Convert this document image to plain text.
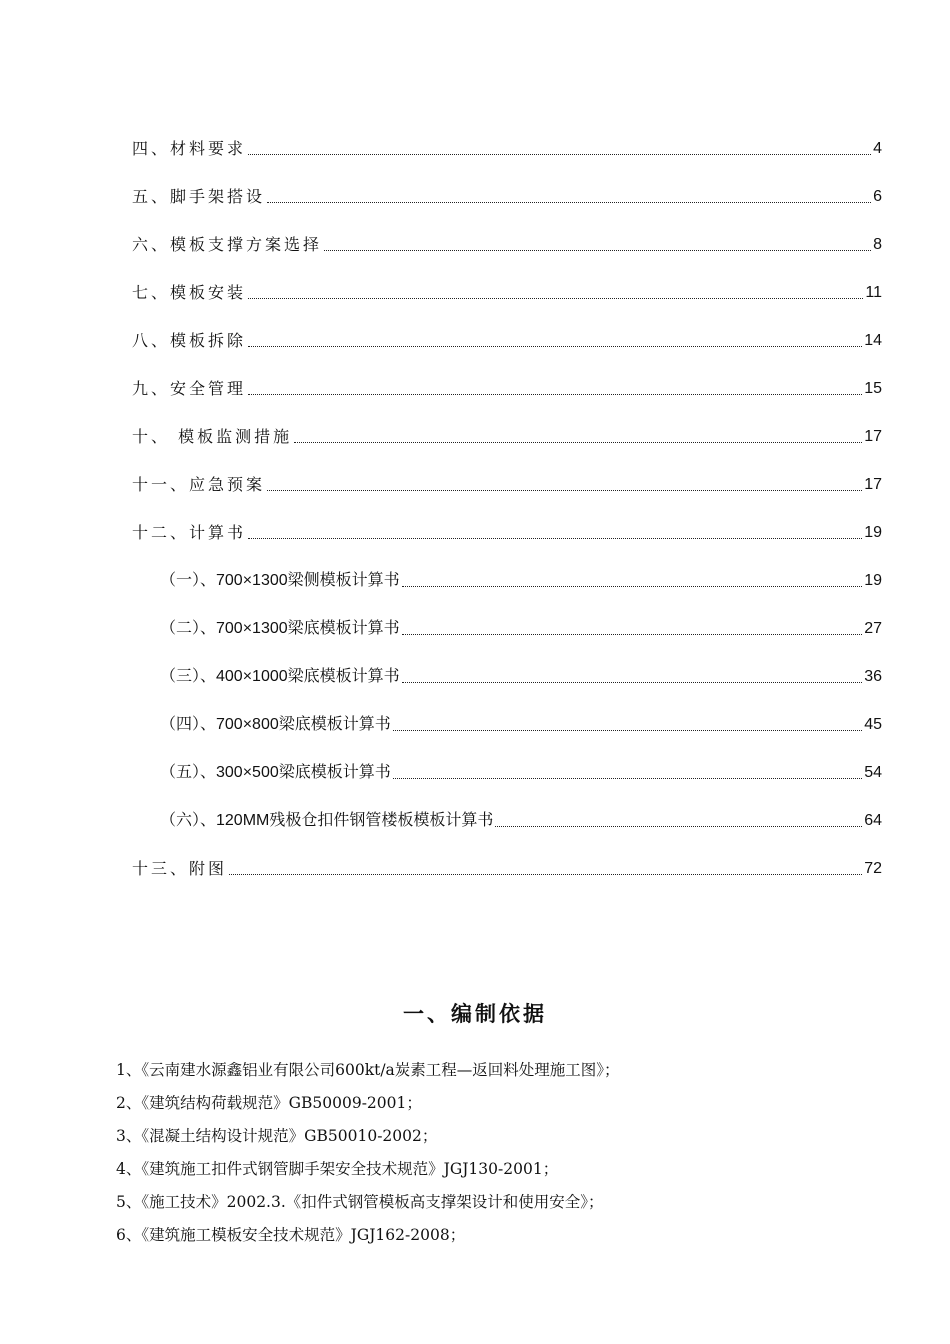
四、材料要求	4
五、脚手架搭设	6
六、模板支撑方案选择	8
七、模板安装	11
八、模板拆除	14
九、安全管理	15
十、 模板监测措施	17
十一、应急预案	17
十二、计算书	19
（一）、700×1300梁侧模板计算书	19
（二）、700×1300梁底模板计算书	27
（三）、400×1000梁底模板计算书	36
（四）、700×800梁底模板计算书	45
（五）、300×500梁底模板计算书	54
（六）、120MM残极仓扣件钢管楼板模板计算书	64
十三、附图	72
一、编制依据
1、《云南建水源鑫铝业有限公司600kt/a炭素工程—返回料处理施工图》；
2、《建筑结构荷载规范》GB50009-2001；
3、《混凝土结构设计规范》GB50010-2002；
4、《建筑施工扣件式钢管脚手架安全技术规范》JGJ130-2001；
5、《施工技术》2002.3.《扣件式钢管模板高支撑架设计和使用安全》；
6、《建筑施工模板安全技术规范》JGJ162-2008；
